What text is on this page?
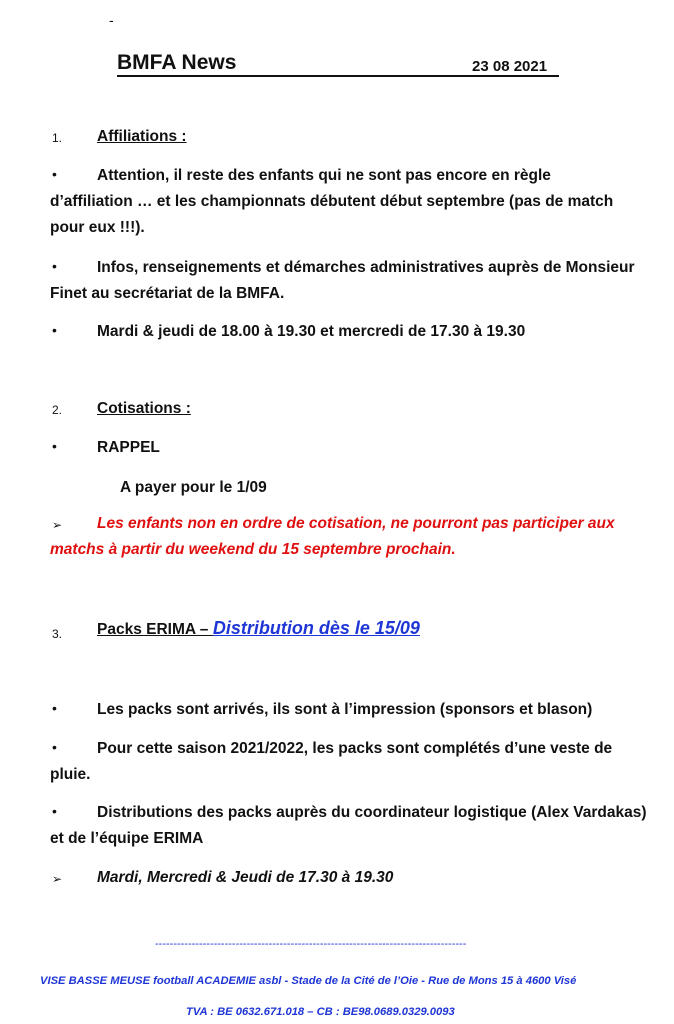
-
BMFA News	23 08 2021
1. Affiliations :
•	Attention, il reste des enfants qui ne sont pas encore en règle
d’affiliation … et les championnats débutent début septembre (pas de match
pour eux !!!).
•	Infos, renseignements et démarches administratives auprès de Monsieur
Finet au secrétariat de la BMFA.
•	Mardi & jeudi de 18.00 à 19.30 et mercredi de 17.30 à 19.30
2. Cotisations :
•	RAPPEL
A payer pour le 1/09
➢ Les enfants non en ordre de cotisation, ne pourront pas participer aux
matchs à partir du weekend du 15 septembre prochain.
3. Packs ERIMA – Distribution dès le 15/09
•	Les packs sont arrivés, ils sont à l’impression (sponsors et blason)
•	Pour cette saison 2021/2022, les packs sont complétés d’une veste de
pluie.
•	Distributions des packs auprès du coordinateur logistique (Alex Vardakas)
et de l’équipe ERIMA
➢ Mardi, Mercredi & Jeudi de 17.30 à 19.30
-------------------------------------------------------------------------------------
VISE BASSE MEUSE football ACADEMIE asbl - Stade de la Cité de l’Oie - Rue de Mons 15 à 4600 Visé
TVA : BE 0632.671.018 – CB : BE98.0689.0329.0093
